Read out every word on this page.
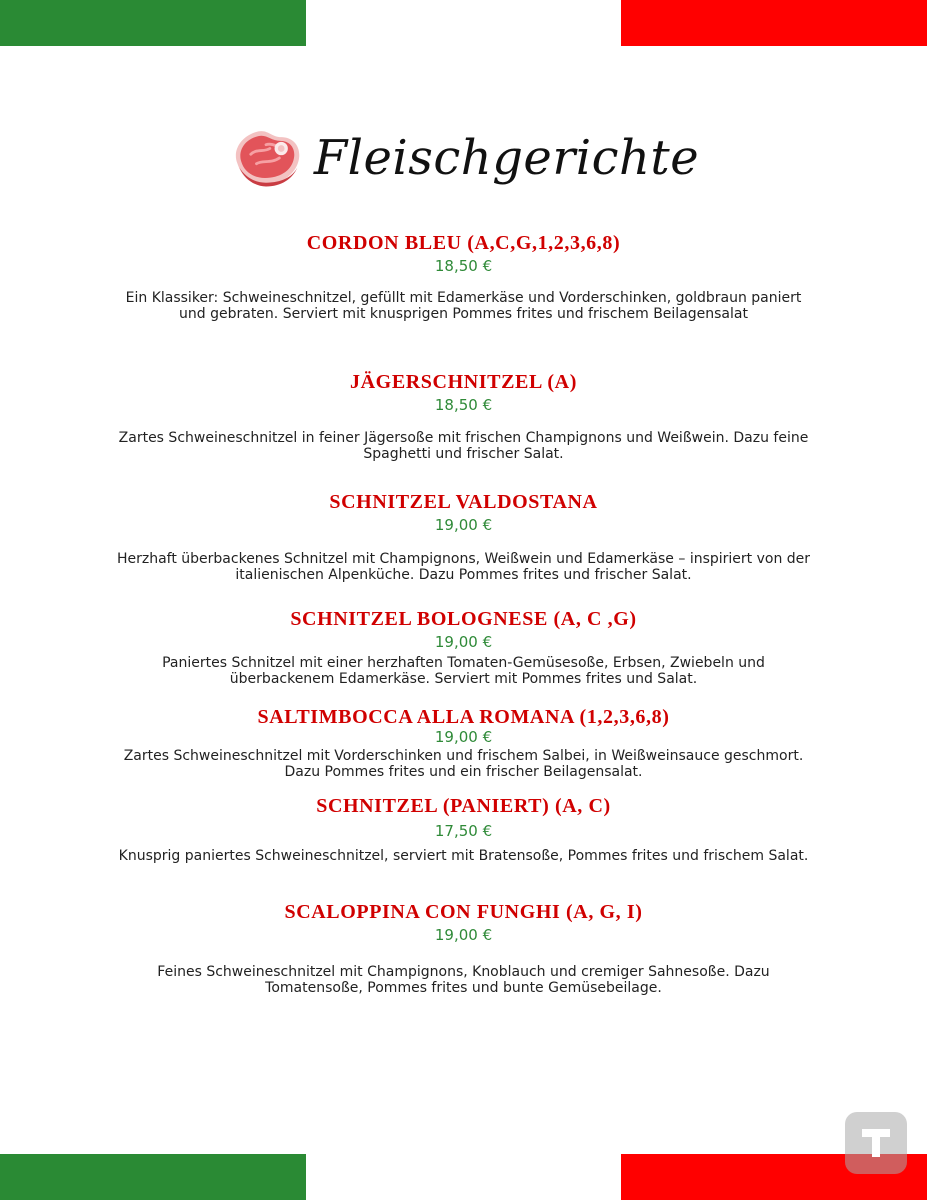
Fleischgerichte
CORDON BLEU (A,C,G,1,2,3,6,8)
18,50 €
Ein Klassiker: Schweineschnitzel, gefüllt mit Edamerkäse und Vorderschinken, goldbraun paniert und gebraten. Serviert mit knusprigen Pommes frites und frischem Beilagensalat
JÄGERSCHNITZEL (A)
18,50 €
Zartes Schweineschnitzel in feiner Jägersoße mit frischen Champignons und Weißwein. Dazu feine Spaghetti und frischer Salat.
SCHNITZEL VALDOSTANA
19,00 €
Herzhaft überbackenes Schnitzel mit Champignons, Weißwein und Edamerkäse – inspiriert von der italienischen Alpenküche. Dazu Pommes frites und frischer Salat.
SCHNITZEL BOLOGNESE (A, C ,G)
19,00 €
Paniertes Schnitzel mit einer herzhaften Tomaten-Gemüsesoße, Erbsen, Zwiebeln und überbackenem Edamerkäse. Serviert mit Pommes frites und Salat.
SALTIMBOCCA ALLA ROMANA (1,2,3,6,8)
19,00 €
Zartes Schweineschnitzel mit Vorderschinken und frischem Salbei, in Weißweinsauce geschmort. Dazu Pommes frites und ein frischer Beilagensalat.
SCHNITZEL (PANIERT) (A, C)
17,50 €
Knusprig paniertes Schweineschnitzel, serviert mit Bratensoße, Pommes frites und frischem Salat.
SCALOPPINA CON FUNGHI (A, G, I)
19,00 €
Feines Schweineschnitzel mit Champignons, Knoblauch und cremiger Sahnesoße. Dazu Tomatensoße, Pommes frites und bunte Gemüsebeilage.
